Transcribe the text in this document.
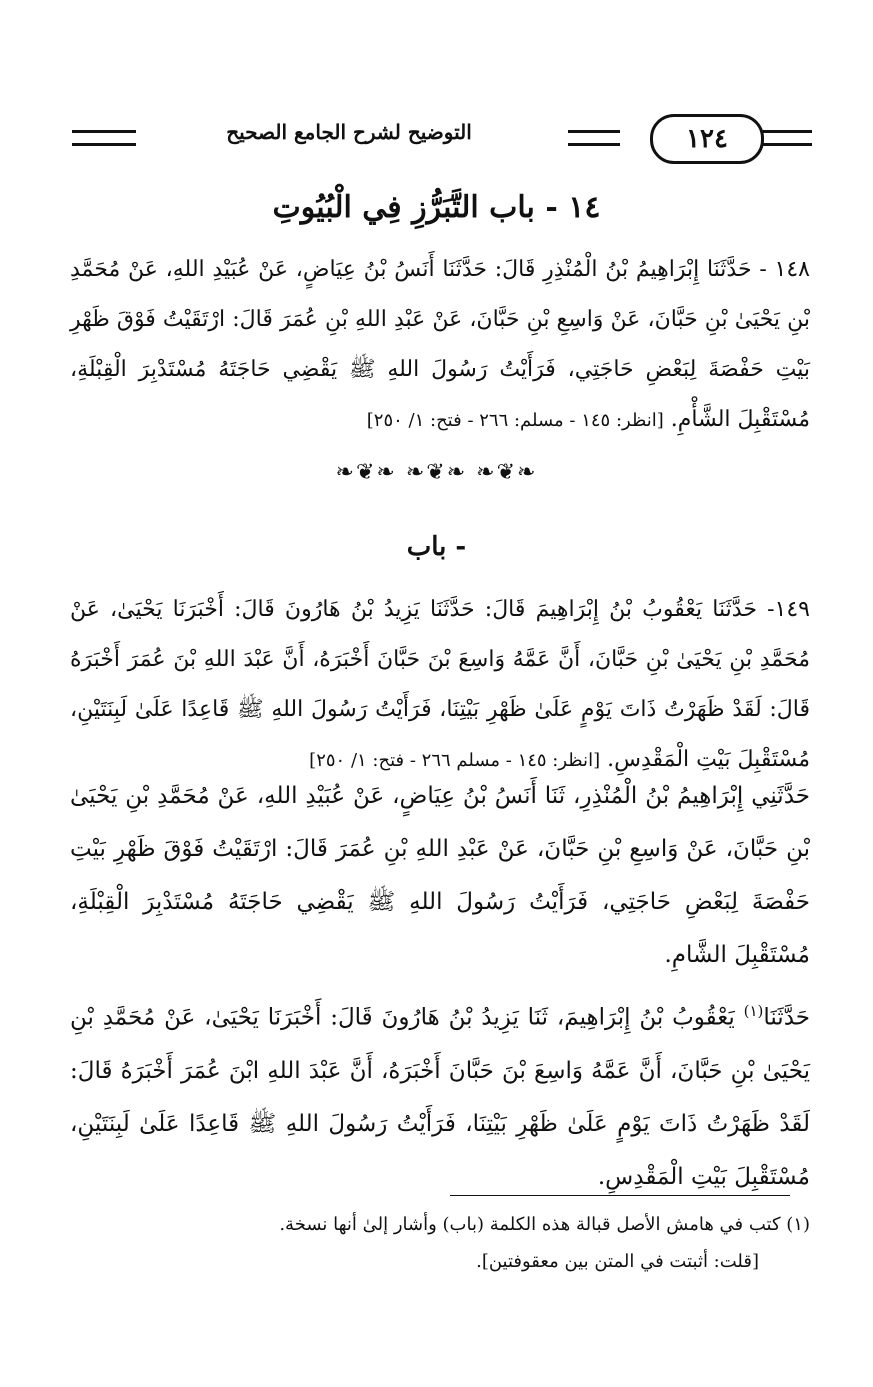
١٢٤
التوضيح لشرح الجامع الصحيح
١٤ - باب التَّبَرُّزِ فِي الْبُيُوتِ
١٤٨ - حَدَّثَنَا إِبْرَاهِيمُ بْنُ الْمُنْذِرِ قَالَ: حَدَّثَنَا أَنَسُ بْنُ عِيَاضٍ، عَنْ عُبَيْدِ اللهِ، عَنْ مُحَمَّدِ بْنِ يَحْيَىٰ بْنِ حَبَّانَ، عَنْ وَاسِعِ بْنِ حَبَّانَ، عَنْ عَبْدِ اللهِ بْنِ عُمَرَ قَالَ: ارْتَقَيْتُ فَوْقَ ظَهْرِ بَيْتِ حَفْصَةَ لِبَعْضِ حَاجَتِي، فَرَأَيْتُ رَسُولَ اللهِ ﷺ يَقْضِي حَاجَتَهُ مُسْتَدْبِرَ الْقِبْلَةِ، مُسْتَقْبِلَ الشَّأْمِ. [انظر: ١٤٥ - مسلم: ٢٦٦ - فتح: ١/ ٢٥٠]
❧❦❧ ❧❦❧ ❧❦❧
- باب
١٤٩- حَدَّثَنَا يَعْقُوبُ بْنُ إِبْرَاهِيمَ قَالَ: حَدَّثَنَا يَزِيدُ بْنُ هَارُونَ قَالَ: أَخْبَرَنَا يَحْيَىٰ، عَنْ مُحَمَّدِ بْنِ يَحْيَىٰ بْنِ حَبَّانَ، أَنَّ عَمَّهُ وَاسِعَ بْنَ حَبَّانَ أَخْبَرَهُ، أَنَّ عَبْدَ اللهِ بْنَ عُمَرَ أَخْبَرَهُ قَالَ: لَقَدْ ظَهَرْتُ ذَاتَ يَوْمٍ عَلَىٰ ظَهْرِ بَيْتِنَا، فَرَأَيْتُ رَسُولَ اللهِ ﷺ قَاعِدًا عَلَىٰ لَبِنَتَيْنِ، مُسْتَقْبِلَ بَيْتِ الْمَقْدِسِ. [انظر: ١٤٥ - مسلم ٢٦٦ - فتح: ١/ ٢٥٠]
حَدَّثَنِي إِبْرَاهِيمُ بْنُ الْمُنْذِرِ، ثَنَا أَنَسُ بْنُ عِيَاضٍ، عَنْ عُبَيْدِ اللهِ، عَنْ مُحَمَّدِ بْنِ يَحْيَىٰ بْنِ حَبَّانَ، عَنْ وَاسِعِ بْنِ حَبَّانَ، عَنْ عَبْدِ اللهِ بْنِ عُمَرَ قَالَ: ارْتَقَيْتُ فَوْقَ ظَهْرِ بَيْتِ حَفْصَةَ لِبَعْضِ حَاجَتِي، فَرَأَيْتُ رَسُولَ اللهِ ﷺ يَقْضِي حَاجَتَهُ مُسْتَدْبِرَ الْقِبْلَةِ، مُسْتَقْبِلَ الشَّامِ.
حَدَّثَنَا$^{(١)}$ يَعْقُوبُ بْنُ إِبْرَاهِيمَ، ثَنَا يَزِيدُ بْنُ هَارُونَ قَالَ: أَخْبَرَنَا يَحْيَىٰ، عَنْ مُحَمَّدِ بْنِ يَحْيَىٰ بْنِ حَبَّانَ، أَنَّ عَمَّهُ وَاسِعَ بْنَ حَبَّانَ أَخْبَرَهُ، أَنَّ عَبْدَ اللهِ ابْنَ عُمَرَ أَخْبَرَهُ قَالَ: لَقَدْ ظَهَرْتُ ذَاتَ يَوْمٍ عَلَىٰ ظَهْرِ بَيْتِنَا، فَرَأَيْتُ رَسُولَ اللهِ ﷺ قَاعِدًا عَلَىٰ لَبِنَتَيْنِ، مُسْتَقْبِلَ بَيْتِ الْمَقْدِسِ.
(١) كتب في هامش الأصل قبالة هذه الكلمة (باب) وأشار إلىٰ أنها نسخة.
[قلت: أثبتت في المتن بين معقوفتين].
